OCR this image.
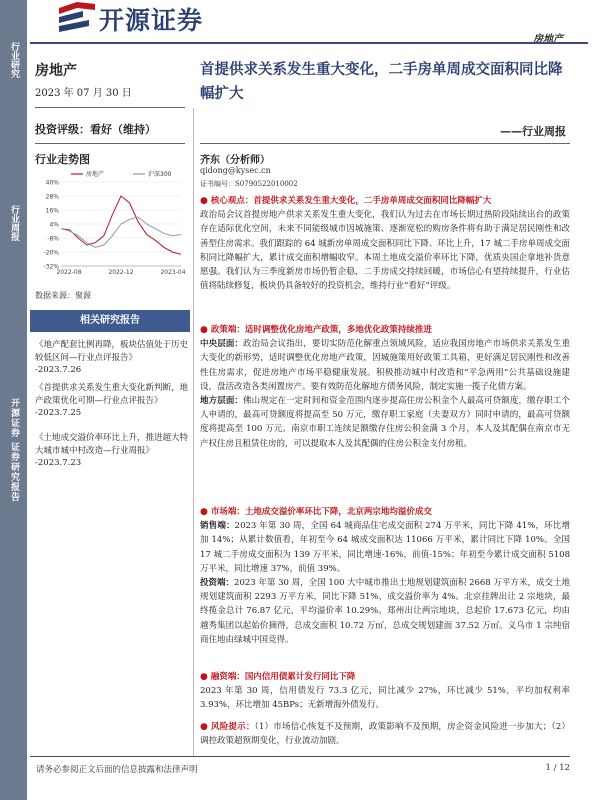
行业研究
行业周报
开源证券 证券研究报告
开源证券
房地产
房地产
2023 年 07 月 30 日
投资评级：看好（维持）
行业走势图
40%
28%
16%
4%
-8%
-20%
-32%
2022-08	2022-12	2023-04
房地产	沪深300
数据来源：聚源
相关研究报告
《地产配套比例再降，板块估值处于历史较低区间—行业点评报告》
-2023.7.26
《首提供求关系发生重大变化新判断，地产政策优化可期—行业点评报告》
-2023.7.25
《土地成交溢价率环比上升，推进超大特大城市城中村改造—行业周报》
-2023.7.23
首提供求关系发生重大变化，二手房单周成交面积同比降幅扩大
——行业周报
齐东（分析师）
qidong@kysec.cn
证书编号：S0790522010002
● 核心观点：首提供求关系发生重大变化，二手房单周成交面积同比降幅扩大
政治局会议首提房地产供求关系发生重大变化，我们认为过去在市场长期过热阶段陆续出台的政策存在适际优化空间，未来不同能级城市因城施策、逐渐宽松的购房条件将有助于满足居民刚性和改善型住房需求。我们跟踪的 64 城新房单周成交面积同比下降、环比上升，17 城二手房单周成交面积同比降幅扩大，累计成交面积增幅收窄。本周土地成交溢价率环比下降，优质央国企拿地补货意愿强。我们认为三季度新房市场仍暂企稳，二手房成交持续回暖，市场信心有望持续提升，行业估值将陆续修复，板块仍具备较好的投资机会，维持行业“看好”评级。
● 政策端：适时调整优化房地产政策，多地优化政策持续推进
中央层面：政治局会议指出，要切实防范化解重点领域风险，适应我国房地产市场供求关系发生重大变化的新形势，适时调整优化房地产政策，因城施策用好政策工具箱，更好满足居民刚性和改善性住房需求，促进房地产市场平稳健康发展。积极推动城中村改造和“平急两用”公共基础设施建设，盘活改造各类闲置房产。要有效防范化解地方债务风险，制定实施一揽子化债方案。
地方层面：佛山规定在一定时间和资金范围内逐步提高住房公积金个人最高可贷额度，缴存职工个人申请的，最高可贷额度将提高至 50 万元，缴存职工家庭（夫妻双方）同时申请的，最高可贷额度将提高至 100 万元。南京市职工连续足额缴存住房公积金满 3 个月，本人及其配偶在南京市无产权住房且租赁住房的，可以提取本人及其配偶的住房公积金支付房租。
● 市场端：土地成交溢价率环比下降，北京两宗地均溢价成交
销售端：2023 年第 30 周，全国 64 城商品住宅成交面积 274 万平米，同比下降 41%，环比增加 14%；从累计数值看，年初至今 64 城成交面积达 11066 万平米，累计同比下降 10%。全国 17 城二手房成交面积为 139 万平米，同比增速-16%，前值-15%；年初至今累计成交面积 5108 万平米，同比增速 37%，前值 39%。
投资端：2023 年第 30 周，全国 100 大中城市推出土地规划建筑面积 2668 万平方米，成交土地规划建筑面积 2293 万平方米，同比下降 51%，成交溢价率为 4%。北京挂牌出让 2 宗地块，最终揽金总计 76.87 亿元，平均溢价率 10.29%。郑州出让两宗地块，总起价 17.673 亿元，均由越秀集团以起始价摘得，总成交面积 10.72 万㎡，总成交规划建面 37.52 万㎡。义乌市 1 宗纯宿商住地由绿城中国竞得。
● 融资端：国内信用债累计发行同比下降
2023 年第 30 周，信用债发行 73.3 亿元，同比减少 27%，环比减少 51%，平均加权利率 3.93%，环比增加 45BPs；无新增海外债发行。
● 风险提示：（1）市场信心恢复不及预期，政策影响不及预期，房企资金风险进一步加大；（2）调控政策超预期变化，行业流动加剧。
请务必参阅正文后面的信息披露和法律声明	1 / 12
